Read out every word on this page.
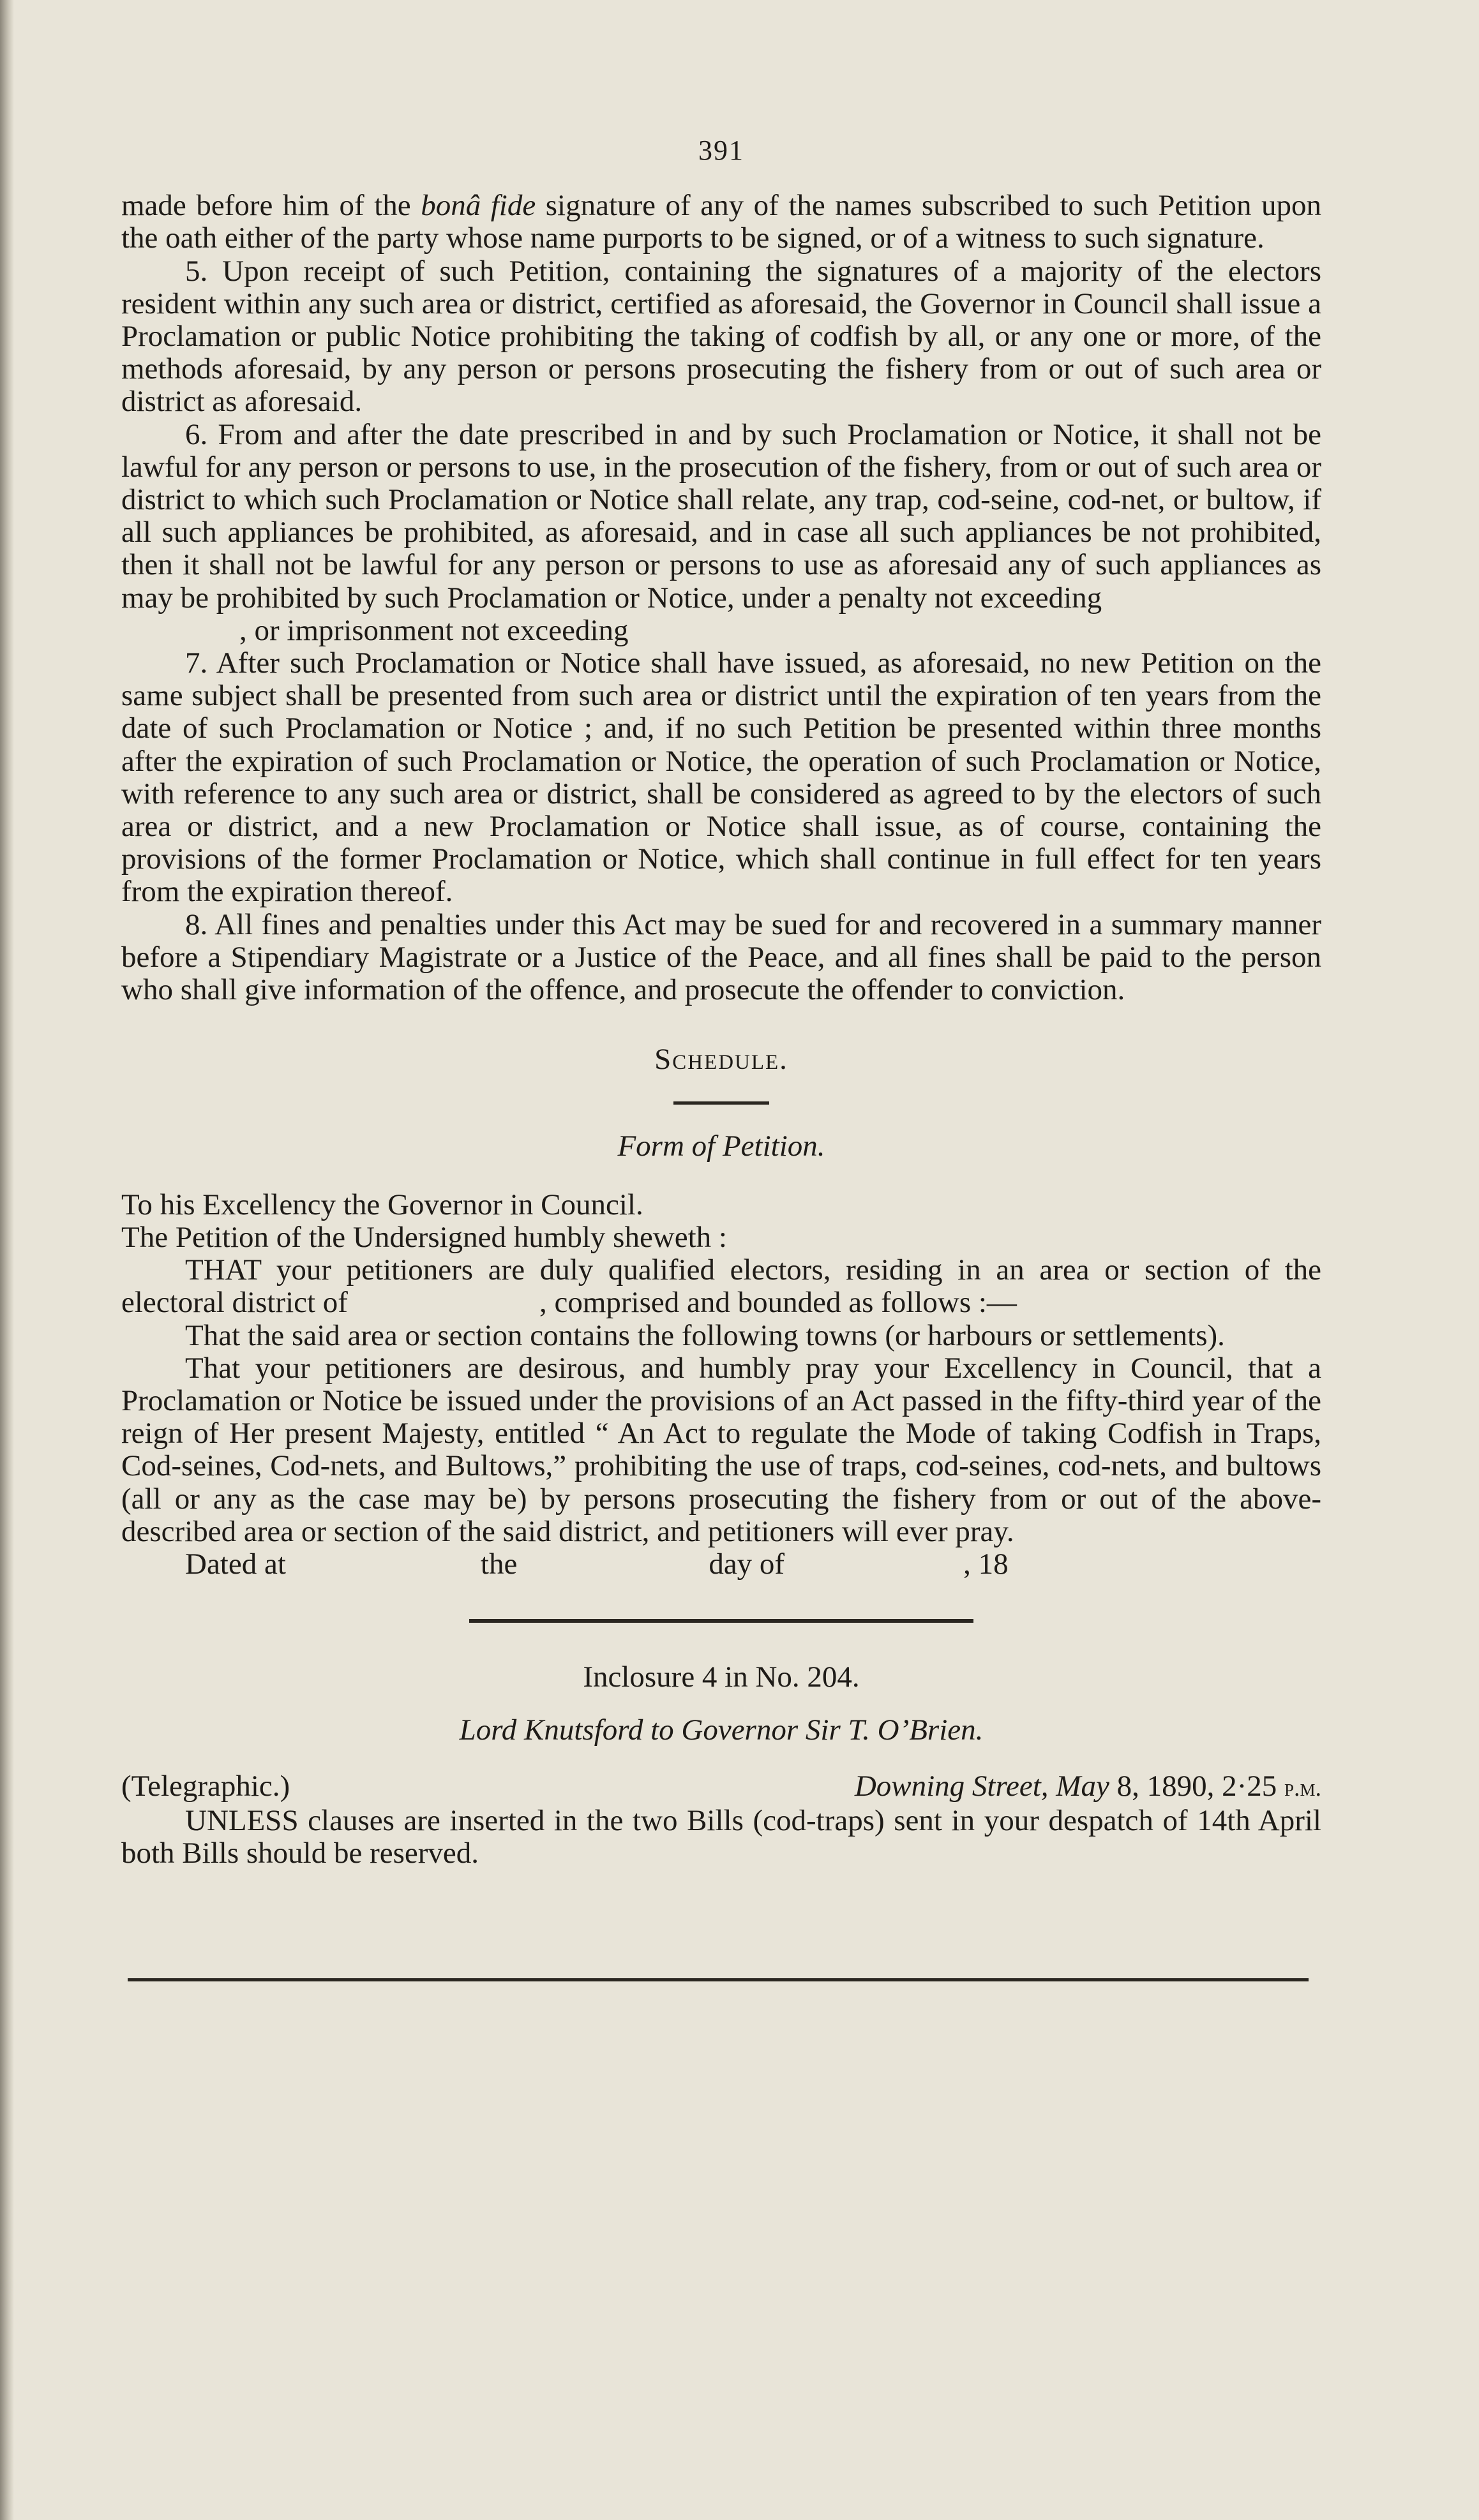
391

made before him of the bonâ fide signature of any of the names subscribed to such Petition upon the oath either of the party whose name purports to be signed, or of a witness to such signature.

5. Upon receipt of such Petition, containing the signatures of a majority of the electors resident within any such area or district, certified as aforesaid, the Governor in Council shall issue a Proclamation or public Notice prohibiting the taking of codfish by all, or any one or more, of the methods aforesaid, by any person or persons prosecuting the fishery from or out of such area or district as aforesaid.

6. From and after the date prescribed in and by such Proclamation or Notice, it shall not be lawful for any person or persons to use, in the prosecution of the fishery, from or out of such area or district to which such Proclamation or Notice shall relate, any trap, cod-seine, cod-net, or bultow, if all such appliances be prohibited, as aforesaid, and in case all such appliances be not prohibited, then it shall not be lawful for any person or persons to use as aforesaid any of such appliances as may be prohibited by such Proclamation or Notice, under a penalty not exceeding

, or imprisonment not exceeding

7. After such Proclamation or Notice shall have issued, as aforesaid, no new Petition on the same subject shall be presented from such area or district until the expiration of ten years from the date of such Proclamation or Notice ; and, if no such Petition be presented within three months after the expiration of such Proclamation or Notice, the operation of such Proclamation or Notice, with reference to any such area or district, shall be considered as agreed to by the electors of such area or district, and a new Proclamation or Notice shall issue, as of course, containing the provisions of the former Proclamation or Notice, which shall continue in full effect for ten years from the expiration thereof.

8. All fines and penalties under this Act may be sued for and recovered in a summary manner before a Stipendiary Magistrate or a Justice of the Peace, and all fines shall be paid to the person who shall give information of the offence, and prosecute the offender to conviction.

Schedule.
Form of Petition.

To his Excellency the Governor in Council.

The Petition of the Undersigned humbly sheweth :

THAT your petitioners are duly qualified electors, residing in an area or section of the electoral district of	, comprised and bounded as follows :—

That the said area or section contains the following towns (or harbours or settlements).

That your petitioners are desirous, and humbly pray your Excellency in Council, that a Proclamation or Notice be issued under the provisions of an Act passed in the fifty-third year of the reign of Her present Majesty, entitled “ An Act to regulate the Mode of taking Codfish in Traps, Cod-seines, Cod-nets, and Bultows,” prohibiting the use of traps, cod-seines, cod-nets, and bultows (all or any as the case may be) by persons prosecuting the fishery from or out of the above-described area or section of the said district, and petitioners will ever pray.

Dated at	the	day of	, 18
Inclosure 4 in No. 204.
Lord Knutsford to Governor Sir T. O’Brien.
(Telegraphic.)	Downing Street, May 8, 1890, 2·25 p.m.

UNLESS clauses are inserted in the two Bills (cod-traps) sent in your despatch of 14th April both Bills should be reserved.
